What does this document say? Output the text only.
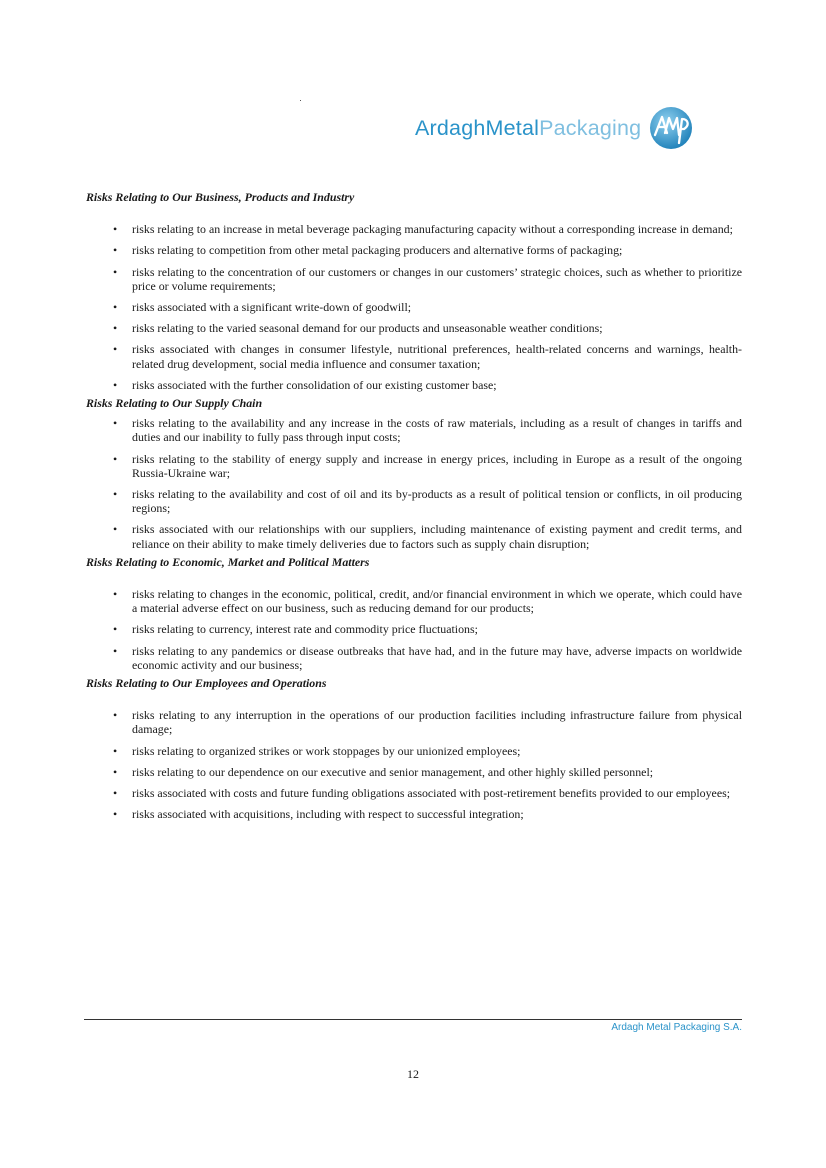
ArdaghMetalPackaging

Risks Relating to Our Business, Products and Industry

• risks relating to an increase in metal beverage packaging manufacturing capacity without a corresponding increase in demand;
• risks relating to competition from other metal packaging producers and alternative forms of packaging;
• risks relating to the concentration of our customers or changes in our customers’ strategic choices, such as whether to prioritize price or volume requirements;
• risks associated with a significant write-down of goodwill;
• risks relating to the varied seasonal demand for our products and unseasonable weather conditions;
• risks associated with changes in consumer lifestyle, nutritional preferences, health-related concerns and warnings, health-related drug development, social media influence and consumer taxation;
• risks associated with the further consolidation of our existing customer base;

Risks Relating to Our Supply Chain

• risks relating to the availability and any increase in the costs of raw materials, including as a result of changes in tariffs and duties and our inability to fully pass through input costs;
• risks relating to the stability of energy supply and increase in energy prices, including in Europe as a result of the ongoing Russia-Ukraine war;
• risks relating to the availability and cost of oil and its by-products as a result of political tension or conflicts, in oil producing regions;
• risks associated with our relationships with our suppliers, including maintenance of existing payment and credit terms, and reliance on their ability to make timely deliveries due to factors such as supply chain disruption;

Risks Relating to Economic, Market and Political Matters

• risks relating to changes in the economic, political, credit, and/or financial environment in which we operate, which could have a material adverse effect on our business, such as reducing demand for our products;
• risks relating to currency, interest rate and commodity price fluctuations;
• risks relating to any pandemics or disease outbreaks that have had, and in the future may have, adverse impacts on worldwide economic activity and our business;

Risks Relating to Our Employees and Operations

• risks relating to any interruption in the operations of our production facilities including infrastructure failure from physical damage;
• risks relating to organized strikes or work stoppages by our unionized employees;
• risks relating to our dependence on our executive and senior management, and other highly skilled personnel;
• risks associated with costs and future funding obligations associated with post-retirement benefits provided to our employees;
• risks associated with acquisitions, including with respect to successful integration;
Ardagh Metal Packaging S.A.
12
